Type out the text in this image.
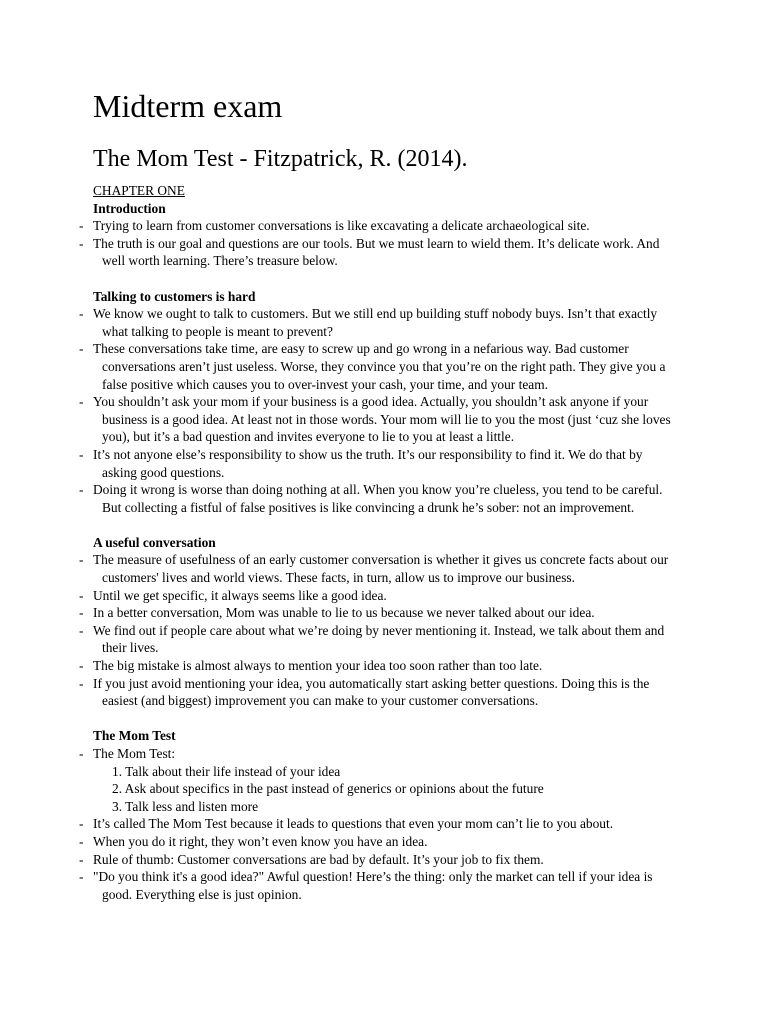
Midterm exam
The Mom Test - Fitzpatrick, R. (2014).
CHAPTER ONE
Introduction
- Trying to learn from customer conversations is like excavating a delicate archaeological site.
- The truth is our goal and questions are our tools. But we must learn to wield them. It’s delicate work. And well worth learning. There’s treasure below.
Talking to customers is hard
- We know we ought to talk to customers. But we still end up building stuff nobody buys. Isn’t that exactly what talking to people is meant to prevent?
- These conversations take time, are easy to screw up and go wrong in a nefarious way. Bad customer conversations aren’t just useless. Worse, they convince you that you’re on the right path. They give you a false positive which causes you to over-invest your cash, your time, and your team.
- You shouldn’t ask your mom if your business is a good idea. Actually, you shouldn’t ask anyone if your business is a good idea. At least not in those words. Your mom will lie to you the most (just ‘cuz she loves you), but it’s a bad question and invites everyone to lie to you at least a little.
- It’s not anyone else’s responsibility to show us the truth. It’s our responsibility to find it. We do that by asking good questions.
- Doing it wrong is worse than doing nothing at all. When you know you’re clueless, you tend to be careful. But collecting a fistful of false positives is like convincing a drunk he’s sober: not an improvement.
A useful conversation
- The measure of usefulness of an early customer conversation is whether it gives us concrete facts about our customers' lives and world views. These facts, in turn, allow us to improve our business.
- Until we get specific, it always seems like a good idea.
- In a better conversation, Mom was unable to lie to us because we never talked about our idea.
- We find out if people care about what we’re doing by never mentioning it. Instead, we talk about them and their lives.
- The big mistake is almost always to mention your idea too soon rather than too late.
- If you just avoid mentioning your idea, you automatically start asking better questions. Doing this is the easiest (and biggest) improvement you can make to your customer conversations.
The Mom Test
- The Mom Test:
1. Talk about their life instead of your idea
2. Ask about specifics in the past instead of generics or opinions about the future
3. Talk less and listen more
- It’s called The Mom Test because it leads to questions that even your mom can’t lie to you about.
- When you do it right, they won’t even know you have an idea.
- Rule of thumb: Customer conversations are bad by default. It’s your job to fix them.
- "Do you think it's a good idea?" Awful question! Here’s the thing: only the market can tell if your idea is good. Everything else is just opinion.
